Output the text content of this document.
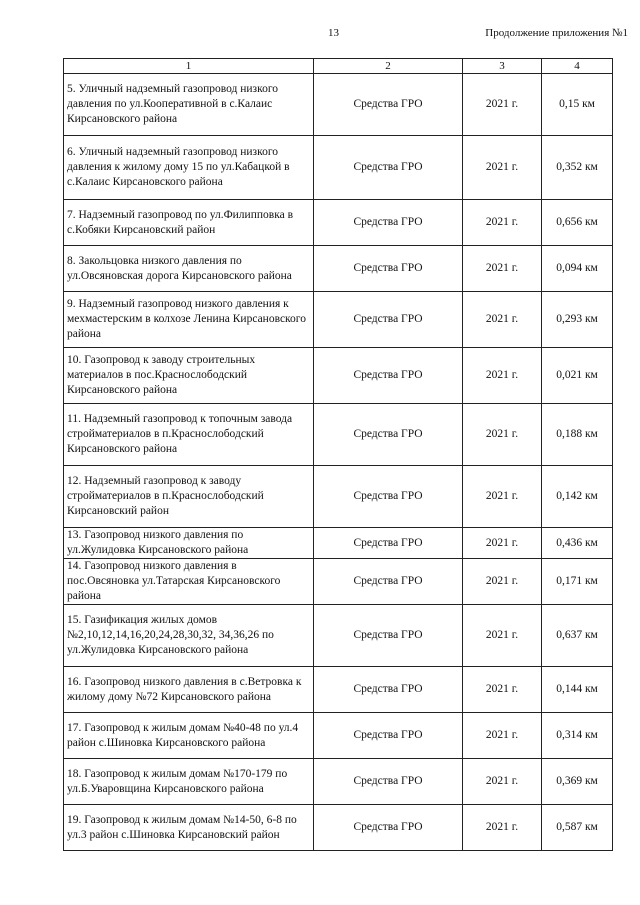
13	Продолжение приложения №1
1	2	3	4
5. Уличный надземный газопровод низкого давления по ул.Кооперативной в с.Калаис Кирсановского района	Средства ГРО	2021 г.	0,15 км
6. Уличный надземный газопровод низкого давления к жилому дому 15 по ул.Кабацкой в с.Калаис Кирсановского района	Средства ГРО	2021 г.	0,352 км
7. Надземный газопровод по ул.Филипповка в с.Кобяки Кирсановский район	Средства ГРО	2021 г.	0,656 км
8. Закольцовка низкого давления по ул.Овсяновская дорога Кирсановского района	Средства ГРО	2021 г.	0,094 км
9. Надземный газопровод низкого давления к мехмастерским в колхозе Ленина Кирсановского района	Средства ГРО	2021 г.	0,293 км
10. Газопровод к заводу строительных материалов в пос.Краснослободский Кирсановского района	Средства ГРО	2021 г.	0,021 км
11. Надземный газопровод к топочным завода стройматериалов в п.Краснослободский Кирсановского района	Средства ГРО	2021 г.	0,188 км
12. Надземный газопровод к заводу стройматериалов в п.Краснослободский Кирсановский район	Средства ГРО	2021 г.	0,142 км
13. Газопровод низкого давления по ул.Жулидовка Кирсановского района	Средства ГРО	2021 г.	0,436 км
14. Газопровод низкого давления в пос.Овсяновка ул.Татарская Кирсановского района	Средства ГРО	2021 г.	0,171 км
15. Газификация жилых домов №2,10,12,14,16,20,24,28,30,32, 34,36,26 по ул.Жулидовка Кирсановского района	Средства ГРО	2021 г.	0,637 км
16. Газопровод низкого давления в с.Ветровка к жилому дому №72 Кирсановского района	Средства ГРО	2021 г.	0,144 км
17. Газопровод к жилым домам №40-48 по ул.4 район с.Шиновка Кирсановского района	Средства ГРО	2021 г.	0,314 км
18. Газопровод к жилым домам №170-179 по ул.Б.Уваровщина Кирсановского района	Средства ГРО	2021 г.	0,369 км
19. Газопровод к жилым домам №14-50, 6-8 по ул.3 район с.Шиновка Кирсановский район	Средства ГРО	2021 г.	0,587 км
